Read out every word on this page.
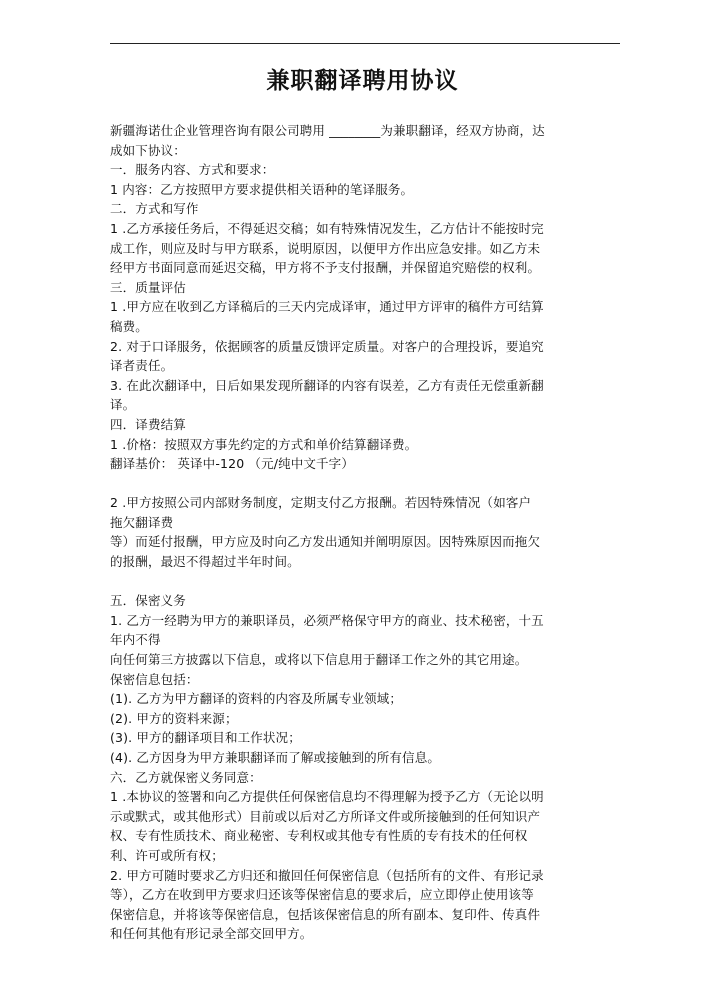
兼职翻译聘用协议
新疆海诺仕企业管理咨询有限公司聘用 ________为兼职翻译，经双方协商，达
成如下协议：
一．服务内容、方式和要求：
1 内容：乙方按照甲方要求提供相关语种的笔译服务。
二．方式和写作
1 .乙方承接任务后，不得延迟交稿；如有特殊情况发生，乙方估计不能按时完
成工作，则应及时与甲方联系，说明原因，以便甲方作出应急安排。如乙方未
经甲方书面同意而延迟交稿，甲方将不予支付报酬，并保留追究赔偿的权利。
三．质量评估
1 .甲方应在收到乙方译稿后的三天内完成译审，通过甲方评审的稿件方可结算
稿费。
2. 对于口译服务，依据顾客的质量反馈评定质量。对客户的合理投诉，要追究
译者责任。
3. 在此次翻译中，日后如果发现所翻译的内容有误差，乙方有责任无偿重新翻
译。
四．译费结算
1 .价格：按照双方事先约定的方式和单价结算翻译费。
翻译基价： 英译中-120 （元/纯中文千字）
2 .甲方按照公司内部财务制度，定期支付乙方报酬。若因特殊情况（如客户
拖欠翻译费
等）而延付报酬，甲方应及时向乙方发出通知并阐明原因。因特殊原因而拖欠
的报酬，最迟不得超过半年时间。
五．保密义务
1. 乙方一经聘为甲方的兼职译员，必须严格保守甲方的商业、技术秘密，十五
年内不得
向任何第三方披露以下信息，或将以下信息用于翻译工作之外的其它用途。
保密信息包括：
(1). 乙方为甲方翻译的资料的内容及所属专业领域；
(2). 甲方的资料来源；
(3). 甲方的翻译项目和工作状况；
(4). 乙方因身为甲方兼职翻译而了解或接触到的所有信息。
六．乙方就保密义务同意：
1 .本协议的签署和向乙方提供任何保密信息均不得理解为授予乙方（无论以明
示或默式，或其他形式）目前或以后对乙方所译文件或所接触到的任何知识产
权、专有性质技术、商业秘密、专利权或其他专有性质的专有技术的任何权
利、许可或所有权；
2. 甲方可随时要求乙方归还和撤回任何保密信息（包括所有的文件、有形记录
等），乙方在收到甲方要求归还该等保密信息的要求后，应立即停止使用该等
保密信息，并将该等保密信息，包括该保密信息的所有副本、复印件、传真件
和任何其他有形记录全部交回甲方。
